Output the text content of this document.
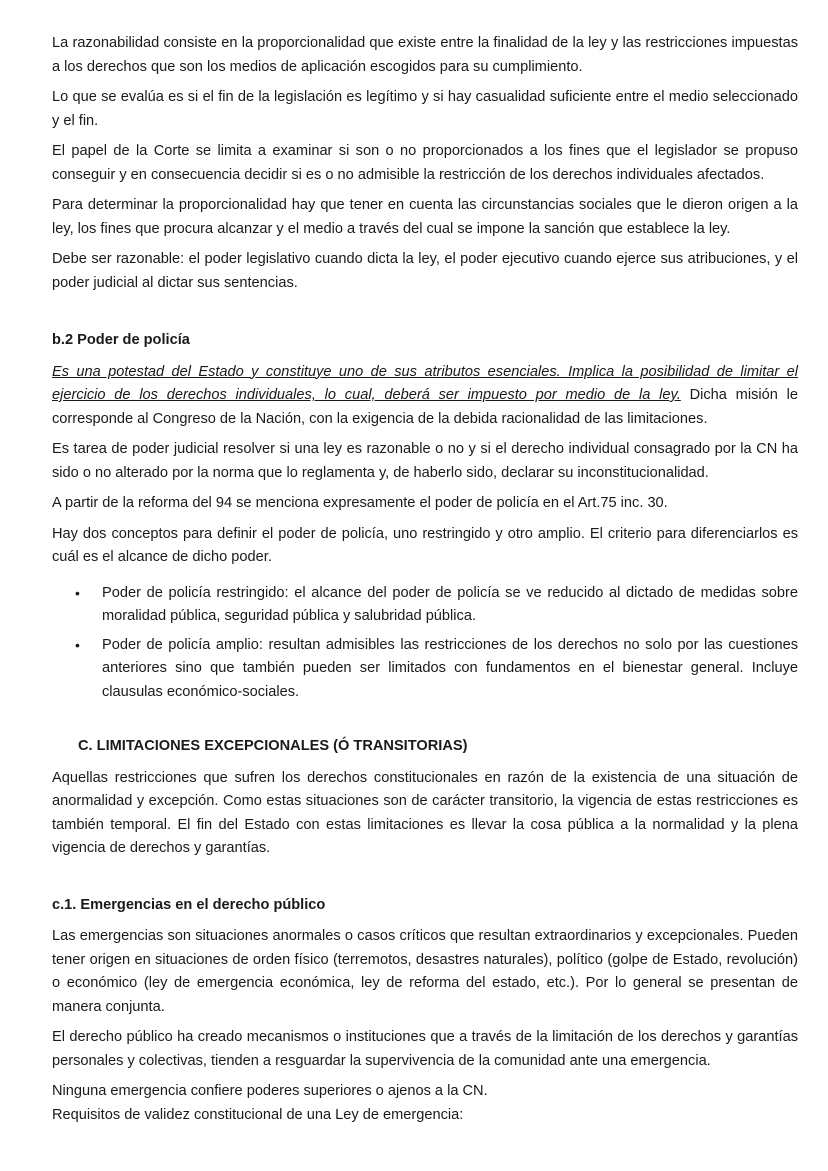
La razonabilidad consiste en la proporcionalidad que existe entre la finalidad de la ley y las restricciones impuestas a los derechos que son los medios de aplicación escogidos para su cumplimiento.

Lo que se evalúa es si el fin de la legislación es legítimo y si hay casualidad suficiente entre el medio seleccionado y el fin.

El papel de la Corte se limita a examinar si son o no proporcionados a los fines que el legislador se propuso conseguir y en consecuencia decidir si es o no admisible la restricción de los derechos individuales afectados.

Para determinar la proporcionalidad hay que tener en cuenta las circunstancias sociales que le dieron origen a la ley, los fines que procura alcanzar y el medio a través del cual se impone la sanción que establece la ley.

Debe ser razonable: el poder legislativo cuando dicta la ley, el poder ejecutivo cuando ejerce sus atribuciones, y el poder judicial al dictar sus sentencias.

b.2 Poder de policía

Es una potestad del Estado y constituye uno de sus atributos esenciales. Implica la posibilidad de limitar el ejercicio de los derechos individuales, lo cual, deberá ser impuesto por medio de la ley. Dicha misión le corresponde al Congreso de la Nación, con la exigencia de la debida racionalidad de las limitaciones.

Es tarea de poder judicial resolver si una ley es razonable o no y si el derecho individual consagrado por la CN ha sido o no alterado por la norma que lo reglamenta y, de haberlo sido, declarar su inconstitucionalidad.

A partir de la reforma del 94 se menciona expresamente el poder de policía en el Art.75 inc. 30.

Hay dos conceptos para definir el poder de policía, uno restringido y otro amplio. El criterio para diferenciarlos es cuál es el alcance de dicho poder.

• Poder de policía restringido: el alcance del poder de policía se ve reducido al dictado de medidas sobre moralidad pública, seguridad pública y salubridad pública.
• Poder de policía amplio: resultan admisibles las restricciones de los derechos no solo por las cuestiones anteriores sino que también pueden ser limitados con fundamentos en el bienestar general. Incluye clausulas económico-sociales.
C. LIMITACIONES EXCEPCIONALES (Ó TRANSITORIAS)

Aquellas restricciones que sufren los derechos constitucionales en razón de la existencia de una situación de anormalidad y excepción. Como estas situaciones son de carácter transitorio, la vigencia de estas restricciones es también temporal. El fin del Estado con estas limitaciones es llevar la cosa pública a la normalidad y la plena vigencia de derechos y garantías.

c.1. Emergencias en el derecho público

Las emergencias son situaciones anormales o casos críticos que resultan extraordinarios y excepcionales. Pueden tener origen en situaciones de orden físico (terremotos, desastres naturales), político (golpe de Estado, revolución) o económico (ley de emergencia económica, ley de reforma del estado, etc.). Por lo general se presentan de manera conjunta.

El derecho público ha creado mecanismos o instituciones que a través de la limitación de los derechos y garantías personales y colectivas, tienden a resguardar la supervivencia de la comunidad ante una emergencia.

Ninguna emergencia confiere poderes superiores o ajenos a la CN.

Requisitos de validez constitucional de una Ley de emergencia:
